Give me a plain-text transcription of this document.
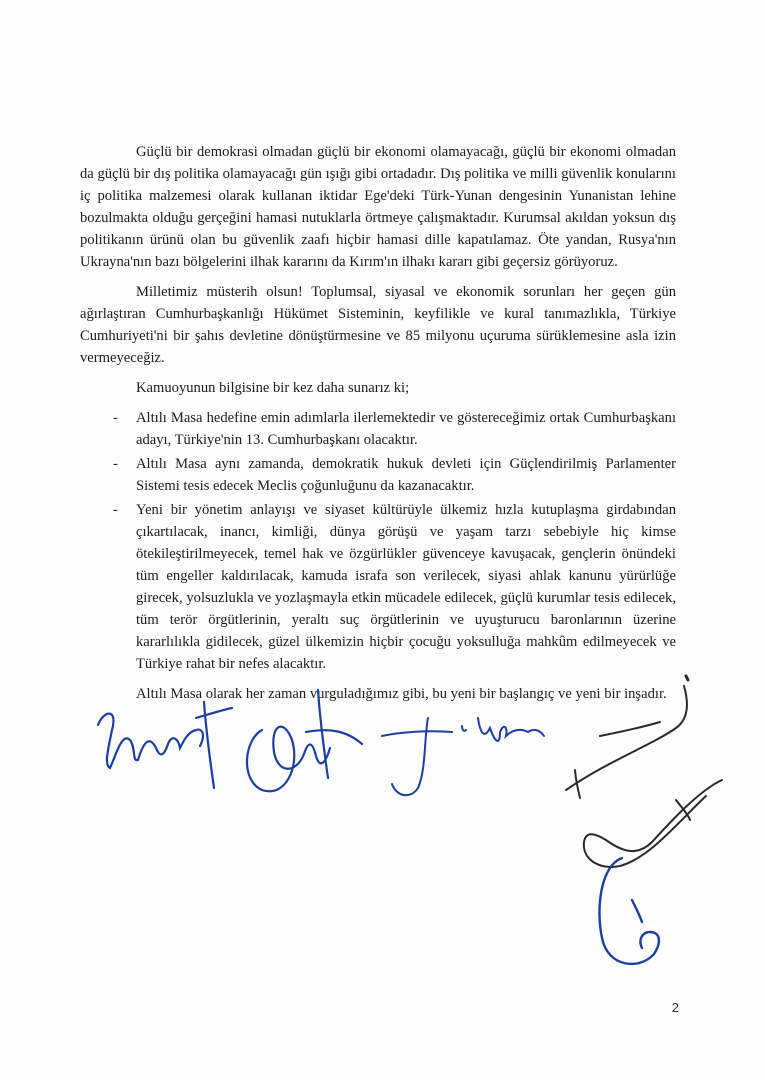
Güçlü bir demokrasi olmadan güçlü bir ekonomi olamayacağı, güçlü bir ekonomi olmadan da güçlü bir dış politika olamayacağı gün ışığı gibi ortadadır. Dış politika ve milli güvenlik konularını iç politika malzemesi olarak kullanan iktidar Ege'deki Türk-Yunan dengesinin Yunanistan lehine bozulmakta olduğu gerçeğini hamasi nutuklarla örtmeye çalışmaktadır. Kurumsal akıldan yoksun dış politikanın ürünü olan bu güvenlik zaafı hiçbir hamasi dille kapatılamaz. Öte yandan, Rusya'nın Ukrayna'nın bazı bölgelerini ilhak kararını da Kırım'ın ilhakı kararı gibi geçersiz görüyoruz.

Milletimiz müsterih olsun! Toplumsal, siyasal ve ekonomik sorunları her geçen gün ağırlaştıran Cumhurbaşkanlığı Hükümet Sisteminin, keyfilikle ve kural tanımazlıkla, Türkiye Cumhuriyeti'ni bir şahıs devletine dönüştürmesine ve 85 milyonu uçuruma sürüklemesine asla izin vermeyeceğiz.

Kamuoyunun bilgisine bir kez daha sunarız ki;

- Altılı Masa hedefine emin adımlarla ilerlemektedir ve göstereceğimiz ortak Cumhurbaşkanı adayı, Türkiye'nin 13. Cumhurbaşkanı olacaktır.
- Altılı Masa aynı zamanda, demokratik hukuk devleti için Güçlendirilmiş Parlamenter Sistemi tesis edecek Meclis çoğunluğunu da kazanacaktır.
- Yeni bir yönetim anlayışı ve siyaset kültürüyle ülkemiz hızla kutuplaşma girdabından çıkartılacak, inancı, kimliği, dünya görüşü ve yaşam tarzı sebebiyle hiç kimse ötekileştirilmeyecek, temel hak ve özgürlükler güvenceye kavuşacak, gençlerin önündeki tüm engeller kaldırılacak, kamuda israfa son verilecek, siyasi ahlak kanunu yürürlüğe girecek, yolsuzlukla ve yozlaşmayla etkin mücadele edilecek, güçlü kurumlar tesis edilecek, tüm terör örgütlerinin, yeraltı suç örgütlerinin ve uyuşturucu baronlarının üzerine kararlılıkla gidilecek, güzel ülkemizin hiçbir çocuğu yoksulluğa mahkûm edilmeyecek ve Türkiye rahat bir nefes alacaktır.

Altılı Masa olarak her zaman vurguladığımız gibi, bu yeni bir başlangıç ve yeni bir inşadır.

2
